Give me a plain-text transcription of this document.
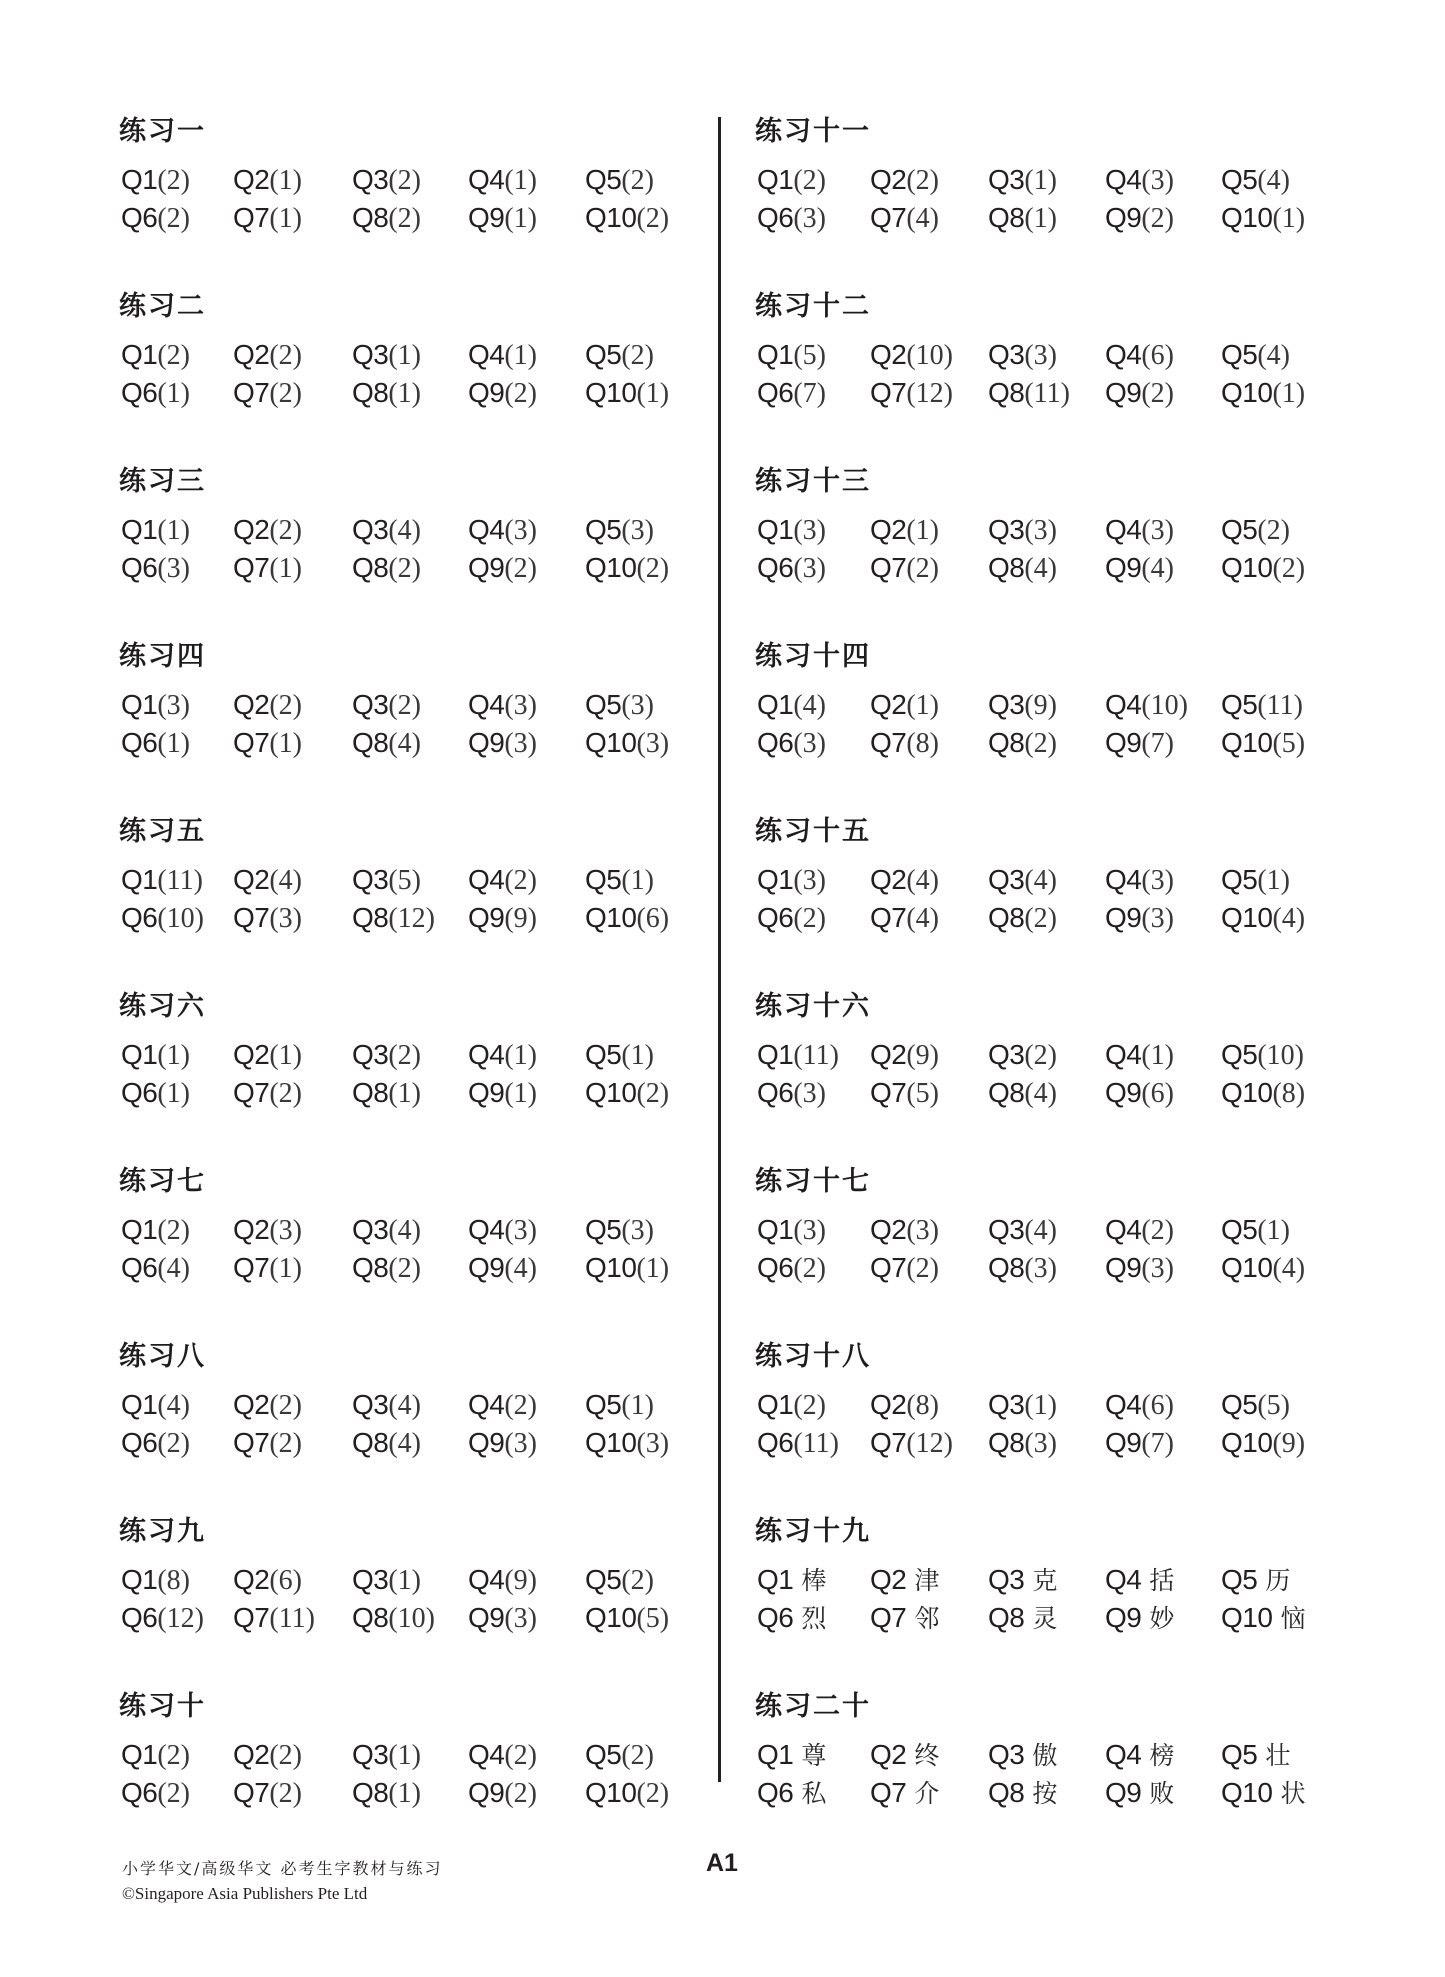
练习一
Q1(2) Q2(1) Q3(2) Q4(1) Q5(2)
Q6(2) Q7(1) Q8(2) Q9(1) Q10(2)
练习二
Q1(2) Q2(2) Q3(1) Q4(1) Q5(2)
Q6(1) Q7(2) Q8(1) Q9(2) Q10(1)
练习三
Q1(1) Q2(2) Q3(4) Q4(3) Q5(3)
Q6(3) Q7(1) Q8(2) Q9(2) Q10(2)
练习四
Q1(3) Q2(2) Q3(2) Q4(3) Q5(3)
Q6(1) Q7(1) Q8(4) Q9(3) Q10(3)
练习五
Q1(11) Q2(4) Q3(5) Q4(2) Q5(1)
Q6(10) Q7(3) Q8(12) Q9(9) Q10(6)
练习六
Q1(1) Q2(1) Q3(2) Q4(1) Q5(1)
Q6(1) Q7(2) Q8(1) Q9(1) Q10(2)
练习七
Q1(2) Q2(3) Q3(4) Q4(3) Q5(3)
Q6(4) Q7(1) Q8(2) Q9(4) Q10(1)
练习八
Q1(4) Q2(2) Q3(4) Q4(2) Q5(1)
Q6(2) Q7(2) Q8(4) Q9(3) Q10(3)
练习九
Q1(8) Q2(6) Q3(1) Q4(9) Q5(2)
Q6(12) Q7(11) Q8(10) Q9(3) Q10(5)
练习十
Q1(2) Q2(2) Q3(1) Q4(2) Q5(2)
Q6(2) Q7(2) Q8(1) Q9(2) Q10(2)
练习十一
Q1(2) Q2(2) Q3(1) Q4(3) Q5(4)
Q6(3) Q7(4) Q8(1) Q9(2) Q10(1)
练习十二
Q1(5) Q2(10) Q3(3) Q4(6) Q5(4)
Q6(7) Q7(12) Q8(11) Q9(2) Q10(1)
练习十三
Q1(3) Q2(1) Q3(3) Q4(3) Q5(2)
Q6(3) Q7(2) Q8(4) Q9(4) Q10(2)
练习十四
Q1(4) Q2(1) Q3(9) Q4(10) Q5(11)
Q6(3) Q7(8) Q8(2) Q9(7) Q10(5)
练习十五
Q1(3) Q2(4) Q3(4) Q4(3) Q5(1)
Q6(2) Q7(4) Q8(2) Q9(3) Q10(4)
练习十六
Q1(11) Q2(9) Q3(2) Q4(1) Q5(10)
Q6(3) Q7(5) Q8(4) Q9(6) Q10(8)
练习十七
Q1(3) Q2(3) Q3(4) Q4(2) Q5(1)
Q6(2) Q7(2) Q8(3) Q9(3) Q10(4)
练习十八
Q1(2) Q2(8) Q3(1) Q4(6) Q5(5)
Q6(11) Q7(12) Q8(3) Q9(7) Q10(9)
练习十九
Q1 棒 Q2 津 Q3 克 Q4 括 Q5 历
Q6 烈 Q7 邻 Q8 灵 Q9 妙 Q10 恼
练习二十
Q1 尊 Q2 终 Q3 傲 Q4 榜 Q5 壮
Q6 私 Q7 介 Q8 按 Q9 败 Q10 状
小学华文/高级华文 必考生字教材与练习
©Singapore Asia Publishers Pte Ltd
A1
